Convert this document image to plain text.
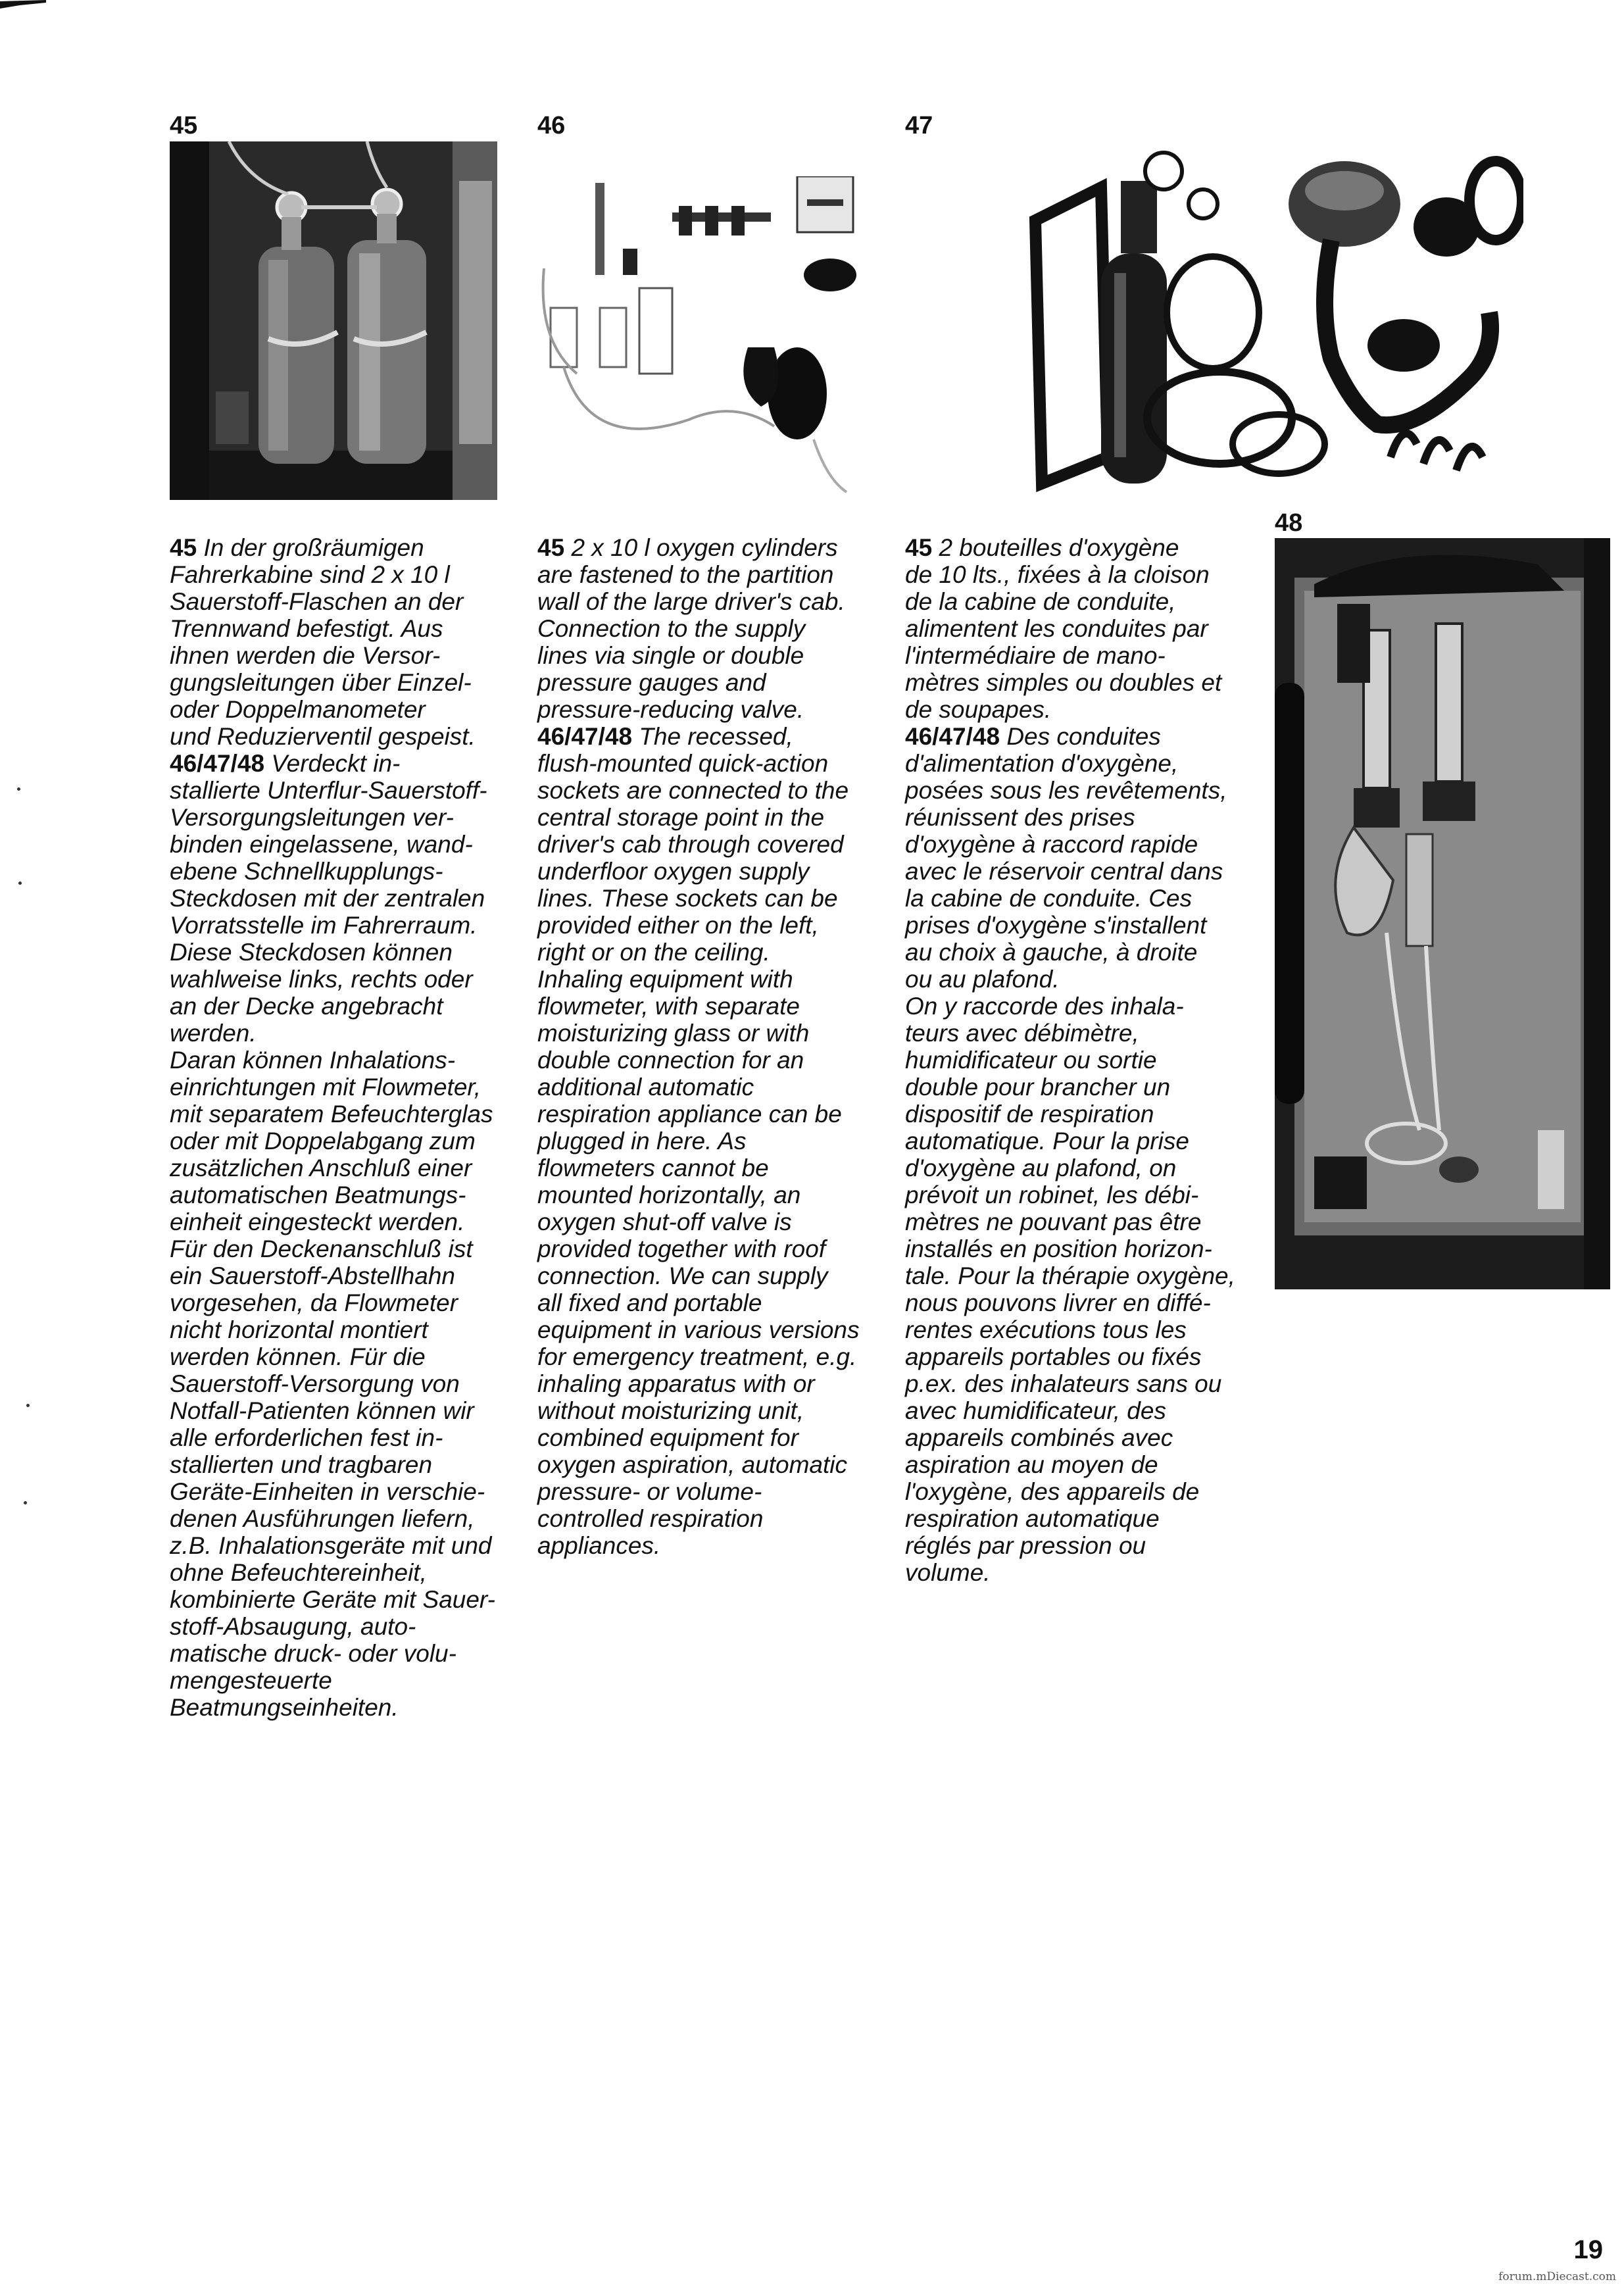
45	46	47
48

45 In der großräumigen

Fahrerkabine sind 2 x 10 l

Sauerstoff-Flaschen an der

Trennwand befestigt. Aus

ihnen werden die Versor-

gungsleitungen über Einzel-

oder Doppelmanometer

und Reduzierventil gespeist.

46/47/48 Verdeckt in-

stallierte Unterflur-Sauerstoff-

Versorgungsleitungen ver-

binden eingelassene, wand-

ebene Schnellkupplungs-

Steckdosen mit der zentralen

Vorratsstelle im Fahrerraum.

Diese Steckdosen können

wahlweise links, rechts oder

an der Decke angebracht

werden.

Daran können Inhalations-

einrichtungen mit Flowmeter,

mit separatem Befeuchterglas

oder mit Doppelabgang zum

zusätzlichen Anschluß einer

automatischen Beatmungs-

einheit eingesteckt werden.

Für den Deckenanschluß ist

ein Sauerstoff-Abstellhahn

vorgesehen, da Flowmeter

nicht horizontal montiert

werden können. Für die

Sauerstoff-Versorgung von

Notfall-Patienten können wir

alle erforderlichen fest in-

stallierten und tragbaren

Geräte-Einheiten in verschie-

denen Ausführungen liefern,

z.B. Inhalationsgeräte mit und

ohne Befeuchtereinheit,

kombinierte Geräte mit Sauer-

stoff-Absaugung, auto-

matische druck- oder volu-

mengesteuerte

Beatmungseinheiten.

45 2 x 10 l oxygen cylinders

are fastened to the partition

wall of the large driver's cab.

Connection to the supply

lines via single or double

pressure gauges and

pressure-reducing valve.

46/47/48 The recessed,

flush-mounted quick-action

sockets are connected to the

central storage point in the

driver's cab through covered

underfloor oxygen supply

lines. These sockets can be

provided either on the left,

right or on the ceiling.

Inhaling equipment with

flowmeter, with separate

moisturizing glass or with

double connection for an

additional automatic

respiration appliance can be

plugged in here. As

flowmeters cannot be

mounted horizontally, an

oxygen shut-off valve is

provided together with roof

connection. We can supply

all fixed and portable

equipment in various versions

for emergency treatment, e.g.

inhaling apparatus with or

without moisturizing unit,

combined equipment for

oxygen aspiration, automatic

pressure- or volume-

controlled respiration

appliances.

45 2 bouteilles d'oxygène

de 10 lts., fixées à la cloison

de la cabine de conduite,

alimentent les conduites par

l'intermédiaire de mano-

mètres simples ou doubles et

de soupapes.

46/47/48 Des conduites

d'alimentation d'oxygène,

posées sous les revêtements,

réunissent des prises

d'oxygène à raccord rapide

avec le réservoir central dans

la cabine de conduite. Ces

prises d'oxygène s'installent

au choix à gauche, à droite

ou au plafond.

On y raccorde des inhala-

teurs avec débimètre,

humidificateur ou sortie

double pour brancher un

dispositif de respiration

automatique. Pour la prise

d'oxygène au plafond, on

prévoit un robinet, les débi-

mètres ne pouvant pas être

installés en position horizon-

tale. Pour la thérapie oxygène,

nous pouvons livrer en diffé-

rentes exécutions tous les

appareils portables ou fixés

p.ex. des inhalateurs sans ou

avec humidificateur, des

appareils combinés avec

aspiration au moyen de

l'oxygène, des appareils de

respiration automatique

réglés par pression ou

volume.

19
forum.mDiecast.com
